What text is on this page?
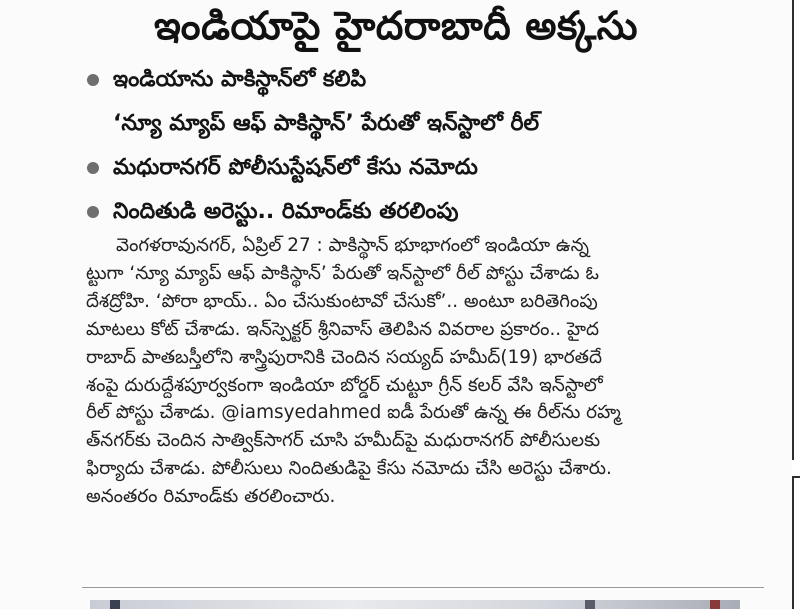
ఇండియాపై హైదరాబాదీ అక్కసు
ఇండియాను పాకిస్థాన్‌లో కలిపి
‘న్యూ మ్యాప్ ఆఫ్ పాకిస్థాన్’ పేరుతో ఇన్‌స్టాలో రీల్
మధురానగర్ పోలీసుస్టేషన్‌లో కేసు నమోదు
నిందితుడి అరెస్టు.. రిమాండ్‌కు తరలింపు
వెంగళరావునగర్, ఏప్రిల్ 27 : పాకిస్థాన్ భూభాగంలో ఇండియా ఉన్న
ట్టుగా ‘న్యూ మ్యాప్ ఆఫ్ పాకిస్థాన్’ పేరుతో ఇన్‌స్టాలో రీల్ పోస్టు చేశాడు ఓ
దేశద్రోహి. ‘పోరా భాయ్.. ఏం చేసుకుంటావో చేసుకో’.. అంటూ బరితెగింపు
మాటలు కోట్ చేశాడు. ఇన్‌స్పెక్టర్ శ్రీనివాస్ తెలిపిన వివరాల ప్రకారం.. హైద
రాబాద్ పాతబస్తీలోని శాస్త్రిపురానికి చెందిన సయ్యద్ హమీద్(19) భారతదే
శంపై దురుద్దేశపూర్వకంగా ఇండియా బోర్డర్ చుట్టూ గ్రీన్ కలర్ వేసి ఇన్‌స్టాలో
రీల్ పోస్టు చేశాడు. @iamsyedahmed ఐడీ పేరుతో ఉన్న ఈ రీల్‌ను రహ్మ
త్‌నగర్‌కు చెందిన సాత్విక్‌సాగర్ చూసి హమీద్‌పై మధురానగర్ పోలీసులకు
ఫిర్యాదు చేశాడు. పోలీసులు నిందితుడిపై కేసు నమోదు చేసి అరెస్టు చేశారు.
అనంతరం రిమాండ్‌కు తరలించారు.
